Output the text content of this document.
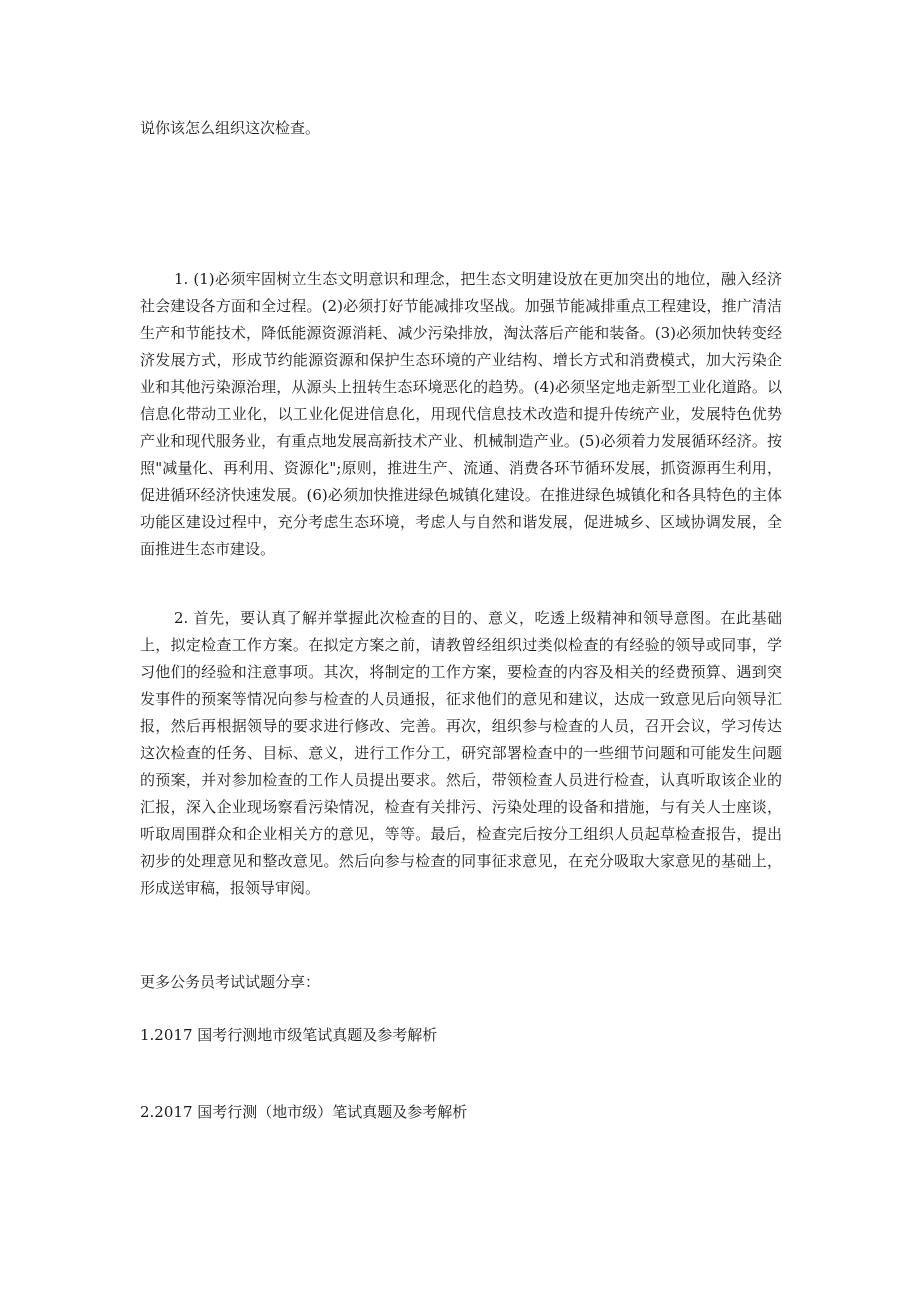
说你该怎么组织这次检查。

1. (1)必须牢固树立生态文明意识和理念，把生态文明建设放在更加突出的地位，融入经济社会建设各方面和全过程。(2)必须打好节能减排攻坚战。加强节能减排重点工程建设，推广清洁生产和节能技术，降低能源资源消耗、减少污染排放，淘汰落后产能和装备。(3)必须加快转变经济发展方式，形成节约能源资源和保护生态环境的产业结构、增长方式和消费模式，加大污染企业和其他污染源治理，从源头上扭转生态环境恶化的趋势。(4)必须坚定地走新型工业化道路。以信息化带动工业化，以工业化促进信息化，用现代信息技术改造和提升传统产业，发展特色优势产业和现代服务业，有重点地发展高新技术产业、机械制造产业。(5)必须着力发展循环经济。按照"减量化、再利用、资源化";原则，推进生产、流通、消费各环节循环发展，抓资源再生利用，促进循环经济快速发展。(6)必须加快推进绿色城镇化建设。在推进绿色城镇化和各具特色的主体功能区建设过程中，充分考虑生态环境，考虑人与自然和谐发展，促进城乡、区域协调发展，全面推进生态市建设。

2. 首先，要认真了解并掌握此次检查的目的、意义，吃透上级精神和领导意图。在此基础上，拟定检查工作方案。在拟定方案之前，请教曾经组织过类似检查的有经验的领导或同事，学习他们的经验和注意事项。其次，将制定的工作方案，要检查的内容及相关的经费预算、遇到突发事件的预案等情况向参与检查的人员通报，征求他们的意见和建议，达成一致意见后向领导汇报，然后再根据领导的要求进行修改、完善。再次，组织参与检查的人员，召开会议，学习传达这次检查的任务、目标、意义，进行工作分工，研究部署检查中的一些细节问题和可能发生问题的预案，并对参加检查的工作人员提出要求。然后，带领检查人员进行检查，认真听取该企业的汇报，深入企业现场察看污染情况，检查有关排污、污染处理的设备和措施，与有关人士座谈，听取周围群众和企业相关方的意见，等等。最后，检查完后按分工组织人员起草检查报告，提出初步的处理意见和整改意见。然后向参与检查的同事征求意见，在充分吸取大家意见的基础上，形成送审稿，报领导审阅。

更多公务员考试试题分享：
1.2017 国考行测地市级笔试真题及参考解析
2.2017 国考行测（地市级）笔试真题及参考解析
